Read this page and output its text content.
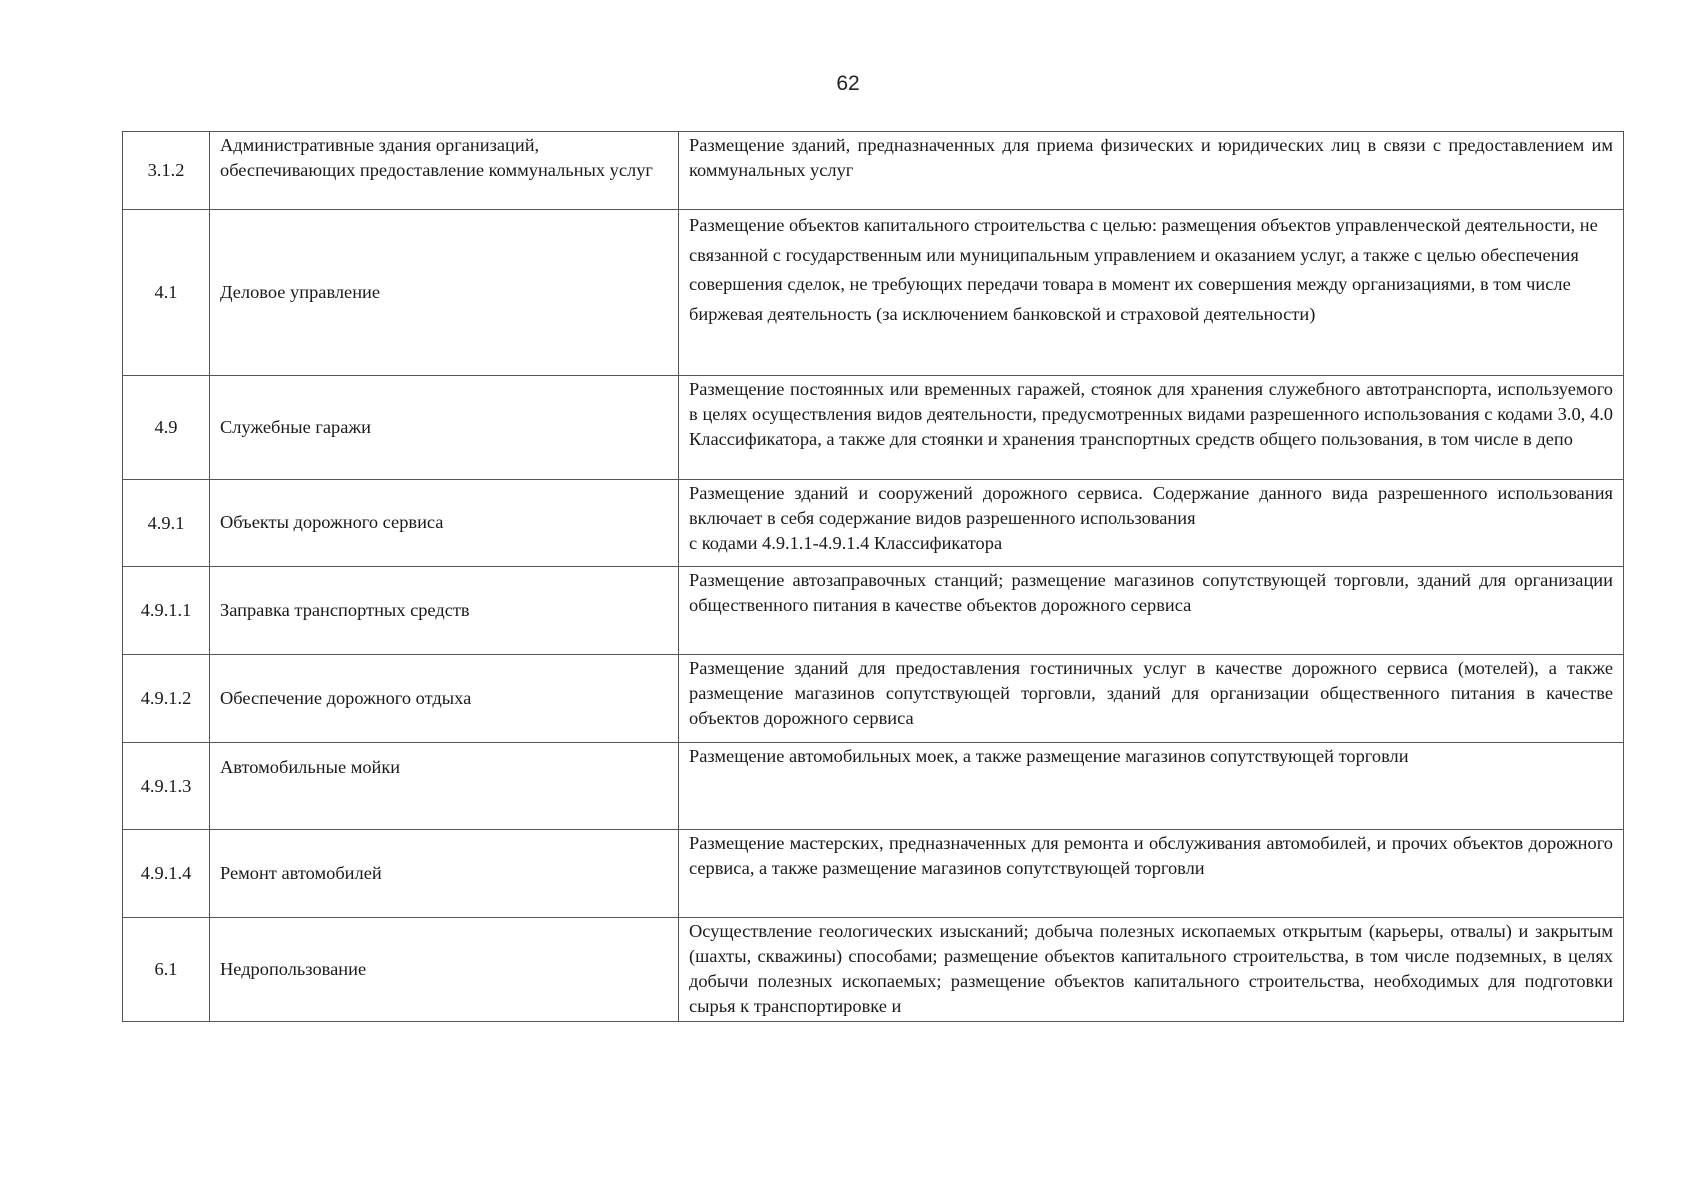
62
3.1.2	Административные здания организаций, обеспечивающих предоставление коммунальных услуг	Размещение зданий, предназначенных для приема физических и юридических лиц в связи с предоставлением им коммунальных услуг
4.1	Деловое управление	Размещение объектов капитального строительства с целью: размещения объектов управленческой деятельности, не связанной с государственным или муниципальным управлением и оказанием услуг, а также с целью обеспечения совершения сделок, не требующих передачи товара в момент их совершения между организациями, в том числе биржевая деятельность (за исключением банковской и страховой деятельности)
4.9	Служебные гаражи	Размещение постоянных или временных гаражей, стоянок для хранения служебного автотранспорта, используемого в целях осуществления видов деятельности, предусмотренных видами разрешенного использования с кодами 3.0, 4.0 Классификатора, а также для стоянки и хранения транспортных средств общего пользования, в том числе в депо
4.9.1	Объекты дорожного сервиса	Размещение зданий и сооружений дорожного сервиса. Содержание данного вида разрешенного использования включает в себя содержание видов разрешенного использования
с кодами 4.9.1.1-4.9.1.4 Классификатора
4.9.1.1	Заправка транспортных средств	Размещение автозаправочных станций; размещение магазинов сопутствующей торговли, зданий для организации общественного питания в качестве объектов дорожного сервиса
4.9.1.2	Обеспечение дорожного отдыха	Размещение зданий для предоставления гостиничных услуг в качестве дорожного сервиса (мотелей), а также размещение магазинов сопутствующей торговли, зданий для организации общественного питания в качестве объектов дорожного сервиса
4.9.1.3	Автомобильные мойки	Размещение автомобильных моек, а также размещение магазинов сопутствующей торговли
4.9.1.4	Ремонт автомобилей	Размещение мастерских, предназначенных для ремонта и обслуживания автомобилей, и прочих объектов дорожного сервиса, а также размещение магазинов сопутствующей торговли
6.1	Недропользование	Осуществление геологических изысканий; добыча полезных ископаемых открытым (карьеры, отвалы) и закрытым (шахты, скважины) способами; размещение объектов капитального строительства, в том числе подземных, в целях добычи полезных ископаемых; размещение объектов капитального строительства, необходимых для подготовки сырья к транспортировке и
